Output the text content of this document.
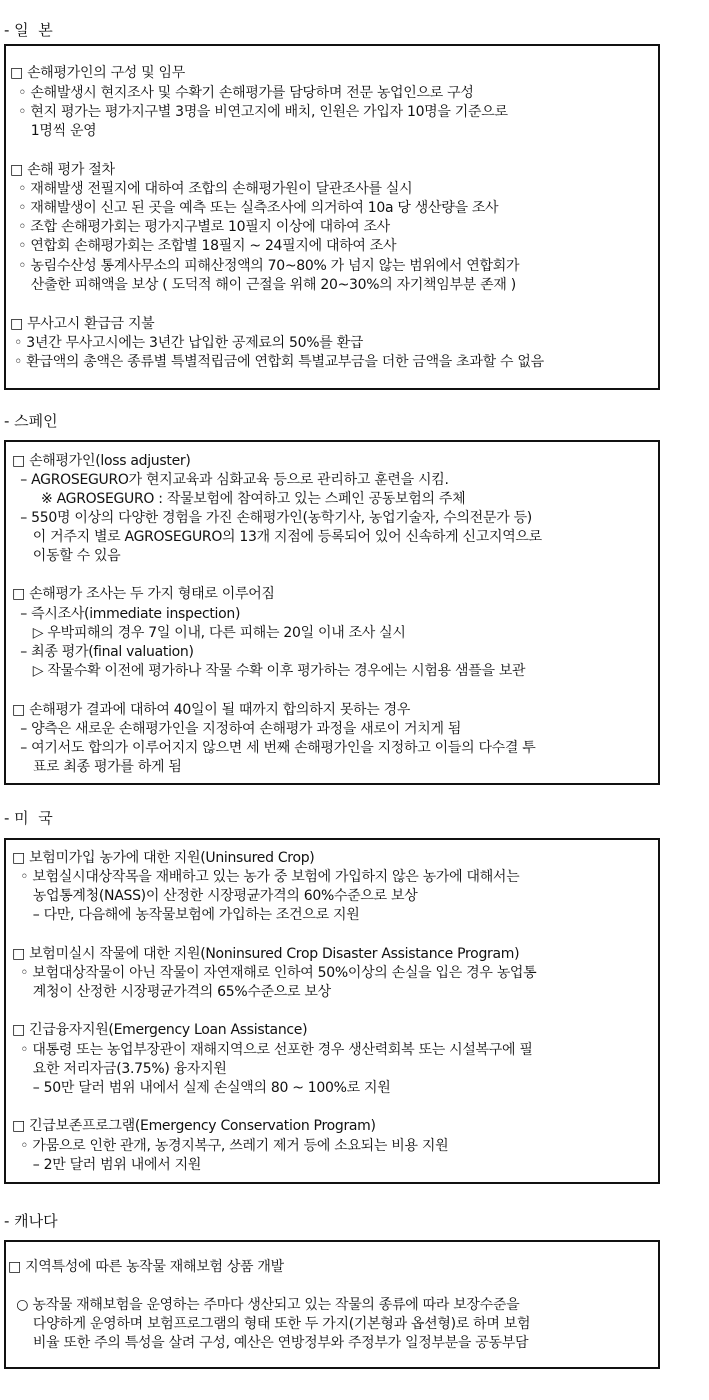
- 일  본
□ 손해평가인의 구성 및 임무
◦ 손해발생시 현지조사 및 수확기 손해평가를 담당하며 전문 농업인으로 구성
◦ 현지 평가는 평가지구별 3명을 비연고지에 배치, 인원은 가입자 10명을 기준으로
1명씩 운영
□ 손해 평가 절차
◦ 재해발생 전필지에 대하여 조합의 손해평가원이 달관조사를 실시
◦ 재해발생이 신고 된 곳을 예측 또는 실측조사에 의거하여 10a 당 생산량을 조사
◦ 조합 손해평가회는 평가지구별로 10필지 이상에 대하여 조사
◦ 연합회 손해평가회는 조합별 18필지 ~ 24필지에 대하여 조사
◦ 농림수산성 통계사무소의 피해산정액의 70~80% 가 넘지 않는 범위에서 연합회가
산출한 피해액을 보상 ( 도덕적 해이 근절을 위해 20~30%의 자기책임부분 존재 )
□ 무사고시 환급금 지불
◦ 3년간 무사고시에는 3년간 납입한 공제료의 50%를 환급
◦ 환급액의 총액은 종류별 특별적립금에 연합회 특별교부금을 더한 금액을 초과할 수 없음
- 스페인
□ 손해평가인(loss adjuster)
– AGROSEGURO가 현지교육과 심화교육 등으로 관리하고 훈련을 시킴.
※ AGROSEGURO : 작물보험에 참여하고 있는 스페인 공동보험의 주체
– 550명 이상의 다양한 경험을 가진 손해평가인(농학기사, 농업기술자, 수의전문가 등)
이 거주지 별로 AGROSEGURO의 13개 지점에 등록되어 있어 신속하게 신고지역으로
이동할 수 있음
□ 손해평가 조사는 두 가지 형태로 이루어짐
– 즉시조사(immediate inspection)
▷ 우박피해의 경우 7일 이내, 다른 피해는 20일 이내 조사 실시
– 최종 평가(final valuation)
▷ 작물수확 이전에 평가하나 작물 수확 이후 평가하는 경우에는 시험용 샘플을 보관
□ 손해평가 결과에 대하여 40일이 될 때까지 합의하지 못하는 경우
– 양측은 새로운 손해평가인을 지정하여 손해평가 과정을 새로이 거치게 됨
– 여기서도 합의가 이루어지지 않으면 세 번째 손해평가인을 지정하고 이들의 다수결 투
표로 최종 평가를 하게 됨
- 미  국
□ 보험미가입 농가에 대한 지원(Uninsured Crop)
◦ 보험실시대상작목을 재배하고 있는 농가 중 보험에 가입하지 않은 농가에 대해서는
농업통계청(NASS)이 산정한 시장평균가격의 60%수준으로 보상
– 다만, 다음해에 농작물보험에 가입하는 조건으로 지원
□ 보험미실시 작물에 대한 지원(Noninsured Crop Disaster Assistance Program)
◦ 보험대상작물이 아닌 작물이 자연재해로 인하여 50%이상의 손실을 입은 경우 농업통
계청이 산정한 시장평균가격의 65%수준으로 보상
□ 긴급융자지원(Emergency Loan Assistance)
◦ 대통령 또는 농업부장관이 재해지역으로 선포한 경우 생산력회복 또는 시설복구에 필
요한 저리자금(3.75%) 융자지원
– 50만 달러 범위 내에서 실제 손실액의 80 ~ 100%로 지원
□ 긴급보존프로그램(Emergency Conservation Program)
◦ 가뭄으로 인한 관개, 농경지복구, 쓰레기 제거 등에 소요되는 비용 지원
– 2만 달러 범위 내에서 지원
- 캐나다
□ 지역특성에 따른 농작물 재해보험 상품 개발
○ 농작물 재해보험을 운영하는 주마다 생산되고 있는 작물의 종류에 따라 보장수준을
다양하게 운영하며 보험프로그램의 형태 또한 두 가지(기본형과 옵션형)로 하며 보험
비율 또한 주의 특성을 살려 구성, 예산은 연방정부와 주정부가 일정부분을 공동부담
